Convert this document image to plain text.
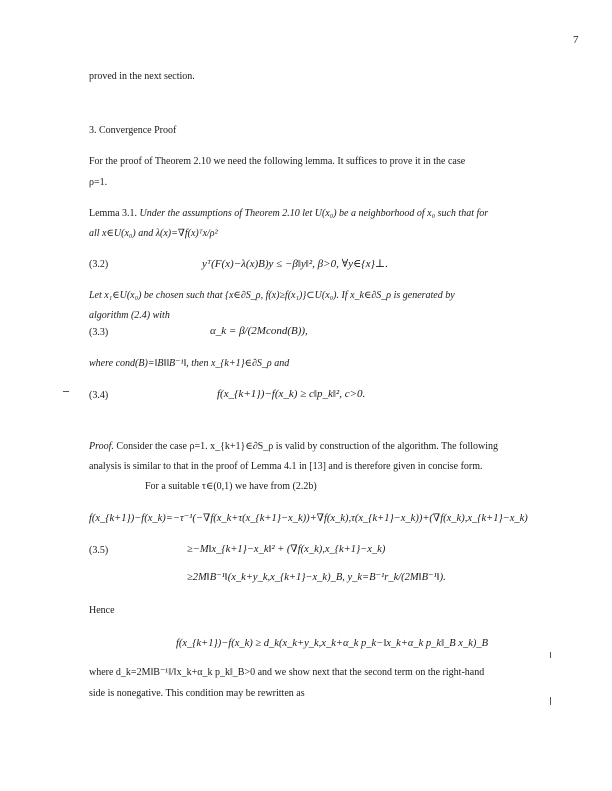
7
proved in the next section.
3. Convergence Proof
For the proof of Theorem 2.10 we need the following lemma. It suffices to prove it in the case
ρ=1.
Lemma 3.1. Under the assumptions of Theorem 2.10 let U(x₀) be a neighborhood of x₀ such that for
all x∈U(x₀) and λ(x)=∇f(x)ᵀx/ρ²
(3.2)	yᵀ(F(x)−λ(x)B)y ≤ −β‖y‖², β>0, ∀y∈{x}⊥.
Let x₁∈U(x₀) be chosen such that {x∈∂S_ρ, f(x)≥f(x₁)}⊂U(x₀). If x_k∈∂S_ρ is generated by
algorithm (2.4) with
(3.3)	α_k = β/(2Mcond(B)),
where cond(B)=‖B‖‖B⁻¹‖, then x_{k+1}∈∂S_ρ and
(3.4)	f(x_{k+1})−f(x_k) ≥ c‖p_k‖², c>0.
Proof. Consider the case ρ=1. x_{k+1}∈∂S_ρ is valid by construction of the algorithm. The following
analysis is similar to that in the proof of Lemma 4.1 in [13] and is therefore given in concise form.
For a suitable τ∈(0,1) we have from (2.2b)
f(x_{k+1})−f(x_k)=−τ⁻¹(−∇f(x_k+τ(x_{k+1}−x_k))+∇f(x_k),τ(x_{k+1}−x_k))+(∇f(x_k),x_{k+1}−x_k)
(3.5)	≥−M‖x_{k+1}−x_k‖² + (∇f(x_k),x_{k+1}−x_k)
≥2M‖B⁻¹‖(x_k+y_k,x_{k+1}−x_k)_B, y_k=B⁻¹r_k/(2M‖B⁻¹‖).
Hence
f(x_{k+1})−f(x_k) ≥ d_k(x_k+y_k,x_k+α_k p_k−‖x_k+α_k p_k‖_B x_k)_B
where d_k=2M‖B⁻¹‖/‖x_k+α_k p_k‖_B>0 and we show next that the second term on the right-hand
side is nonegative. This condition may be rewritten as
